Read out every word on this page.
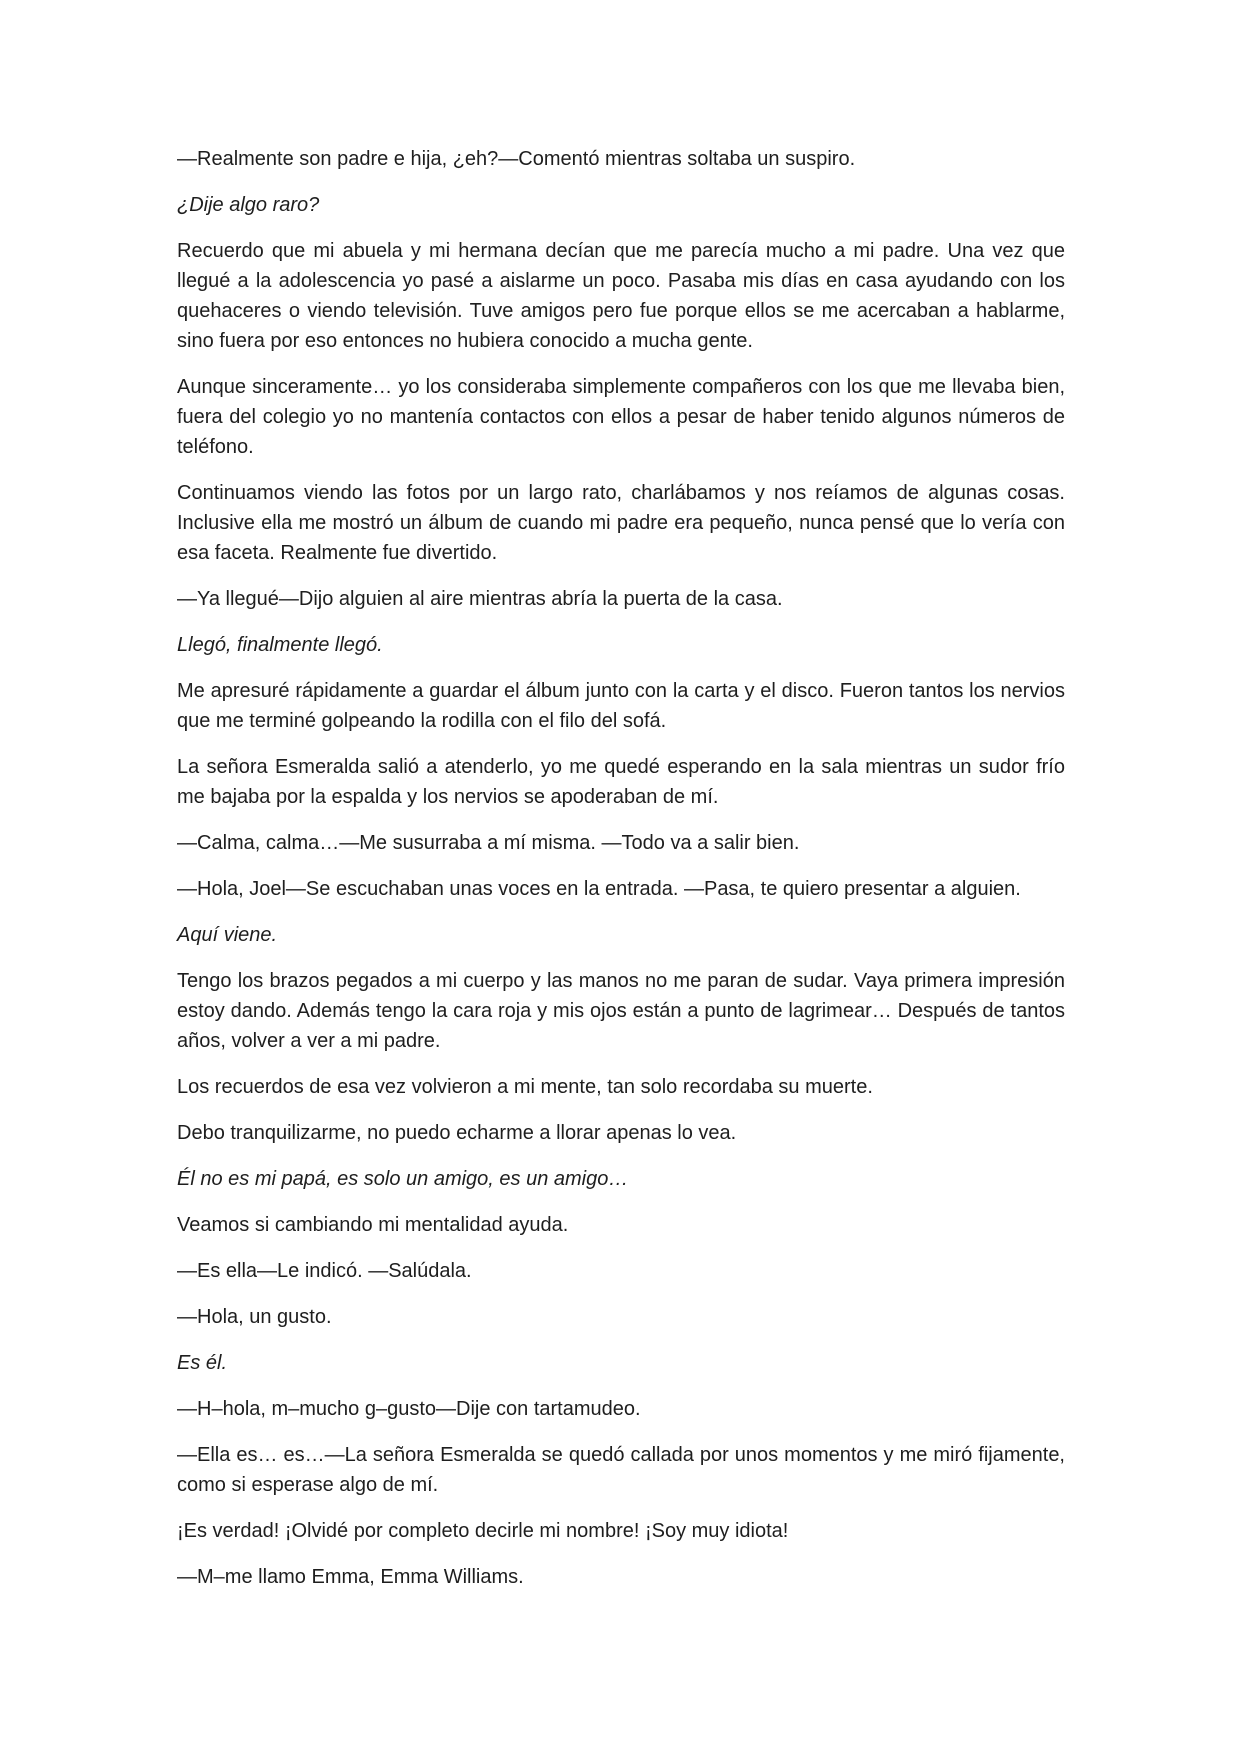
—Realmente son padre e hija, ¿eh?—Comentó mientras soltaba un suspiro.

¿Dije algo raro?

Recuerdo que mi abuela y mi hermana decían que me parecía mucho a mi padre. Una vez que llegué a la adolescencia yo pasé a aislarme un poco. Pasaba mis días en casa ayudando con los quehaceres o viendo televisión. Tuve amigos pero fue porque ellos se me acercaban a hablarme, sino fuera por eso entonces no hubiera conocido a mucha gente.

Aunque sinceramente… yo los consideraba simplemente compañeros con los que me llevaba bien, fuera del colegio yo no mantenía contactos con ellos a pesar de haber tenido algunos números de teléfono.

Continuamos viendo las fotos por un largo rato, charlábamos y nos reíamos de algunas cosas. Inclusive ella me mostró un álbum de cuando mi padre era pequeño, nunca pensé que lo vería con esa faceta. Realmente fue divertido.

—Ya llegué—Dijo alguien al aire mientras abría la puerta de la casa.

Llegó, finalmente llegó.

Me apresuré rápidamente a guardar el álbum junto con la carta y el disco. Fueron tantos los nervios que me terminé golpeando la rodilla con el filo del sofá.

La señora Esmeralda salió a atenderlo, yo me quedé esperando en la sala mientras un sudor frío me bajaba por la espalda y los nervios se apoderaban de mí.

—Calma, calma…—Me susurraba a mí misma. —Todo va a salir bien.

—Hola, Joel—Se escuchaban unas voces en la entrada. —Pasa, te quiero presentar a alguien.

Aquí viene.

Tengo los brazos pegados a mi cuerpo y las manos no me paran de sudar. Vaya primera impresión estoy dando. Además tengo la cara roja y mis ojos están a punto de lagrimear… Después de tantos años, volver a ver a mi padre.

Los recuerdos de esa vez volvieron a mi mente, tan solo recordaba su muerte.

Debo tranquilizarme, no puedo echarme a llorar apenas lo vea.

Él no es mi papá, es solo un amigo, es un amigo…

Veamos si cambiando mi mentalidad ayuda.

—Es ella—Le indicó. —Salúdala.

—Hola, un gusto.

Es él.

—H–hola, m–mucho g–gusto—Dije con tartamudeo.

—Ella es… es…—La señora Esmeralda se quedó callada por unos momentos y me miró fijamente, como si esperase algo de mí.

¡Es verdad! ¡Olvidé por completo decirle mi nombre! ¡Soy muy idiota!

—M–me llamo Emma, Emma Williams.
